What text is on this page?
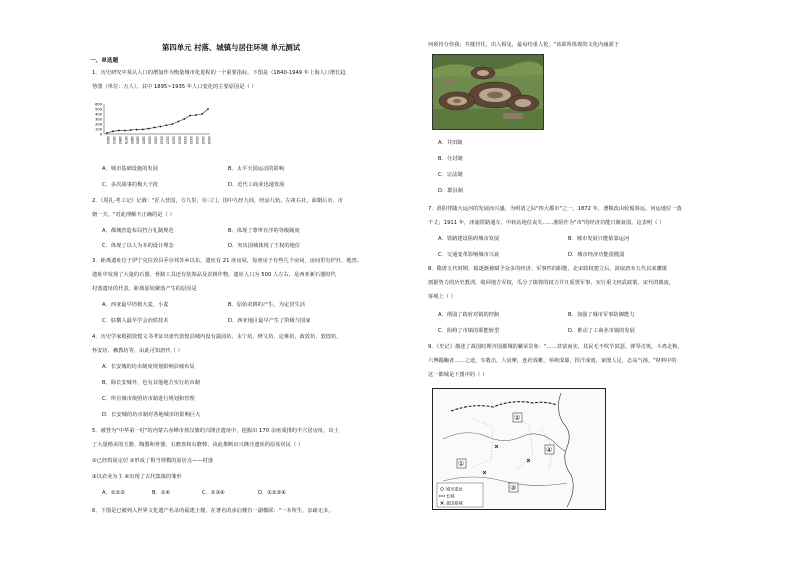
第四单元 村落、城镇与居住环境 单元测试
一、单选题
1．历史研究中某认人口的增加作为衡量城市化进程的一个重要指标。下图是（1840-1949 年上海人口增长趋
势图（单位：万人）。其中 1895~1935 年人口变化的主要原因是（ ）
600
500
400
300
200
100
0
1840 1852 1865 1876 1885 1890 1895 1900 1905 1910 1915 1920 1925 1930 1935 1940 1945 1949
A．城市基础设施的发展	B．太平天国运动的影响
C．多次战事的极大干扰	D．近代工商业迅速发展
2．《周礼·考工记》记载："匠人营国，方九里，旁三门。国中九经九纬，经涂九轨。左祖右社，面朝后市，市
朝一夫。"对此理解不正确的是（ ）
A．都城营造布局符合礼制规范	B．体现了尊卑有序的等级制度
C．体现了以人为本的设计理念	D．突出国城体现了王权的地位
3．距离遗址位于伊宁克拉孜县乔尔邦苏乡以东，遗址有 21 座房屋，每座房子有些几个房间，房间里有炉灶、地窖。
遗址中发现了大量的石器、骨制工具还有装饰品及农耕作物。遗址人口为 500 人左右，是西亚新石器时代
村落遗址的代表。距离原始聚落产生的原因是
A．西亚最早培植大麦、小麦	B．原始农耕的产生，为定居生活
C．肤横人最早学会冶铁技术	D．西亚地区最早产生了阶级与国家
4．历史学家根据敦煌文书考证出唐代敦煌县城内设有露园坊、永宁坊、修文坊、定难坊、政敦坊、敦煌坊、
怀安坊、赖教坊等，由此可知唐代（ ）
A．长安城的坊市制度规划影响县城布局
B．除长安城外，也有其他地方实行坊市制
C．所有城市依照坊市制进行规划和管理
D．长安城的坊市制对各地城市的影响巨大
5．被誉为"中华第一村"的内蒙古赤峰市敖汉旗的兴隆洼遗址中，挖掘出 170 余座成排的半穴居房址，出土
了大量精美的玉器、陶器和骨器，石磨盘和石磨棒，由此推断出兴隆洼遗址的原始居民（ ）
①已经筑屋定居 ②形成了相当规模的原居点——村落
③以农业为主 ④出现了古代集镇的雏形
A．①②③	B．①④	C．②③④	D．①②③④
6．下图是已被列入世界文化遗产名录的福建土楼，在著名的承启楼有一副楹联："一本所生，亲疏无多，
何须待分你我；共楼居住，出入相见，最易结重人伦。"该联所体现的文化内涵源于
A．井田制
B．分封制
C．宗法制
D．郡县制
7．准阴伴随大运河的发展而兴盛，为明清之际"四大都市"之一，1872 年，漕粮改由轮船海运，河运地位一落
千丈；1911 年，津浦铁路通车，中转站地位丧失……准阴作为"市"的经济功能日渐衰弱。这表明（ ）
A．铁路建设阻碍城市发展	B．城市发展只能依靠运河
C．交通变革影响城市兴衰	D．城市经济功能很脆弱
8．隋唐五代时期，镇逐渐被赋予众多的经济、军事性的职能，北宋政权建立后，汲取唐末五代以来藩镇
割据势力的历史教训，收回地方军权，瓜分了镇将的权力并且重置军事，实行重文轻武政策，宋代的镇废，
客观上（ ）
A．削弱了政府对镇的控制	B．加强了城市军事防御能力
C．阻碍了市镇的职能转型	D．推动了工商业市镇的发展
9．《史记》描述了战国时期齐国都城的繁荣景象："……甚富而实，其民无不吹竽鼓瑟，弹琴击筑，斗鸡走狗，
六博蹋鞠者……之途，车毂击，人肩摩，连衽成帷，举袂成幕，挥汗成雨，家殷人足，志高气扬。"材料中的
这一都城是下图中的（ ）
②
①
③
④
城市遗址
长城
战国都城
